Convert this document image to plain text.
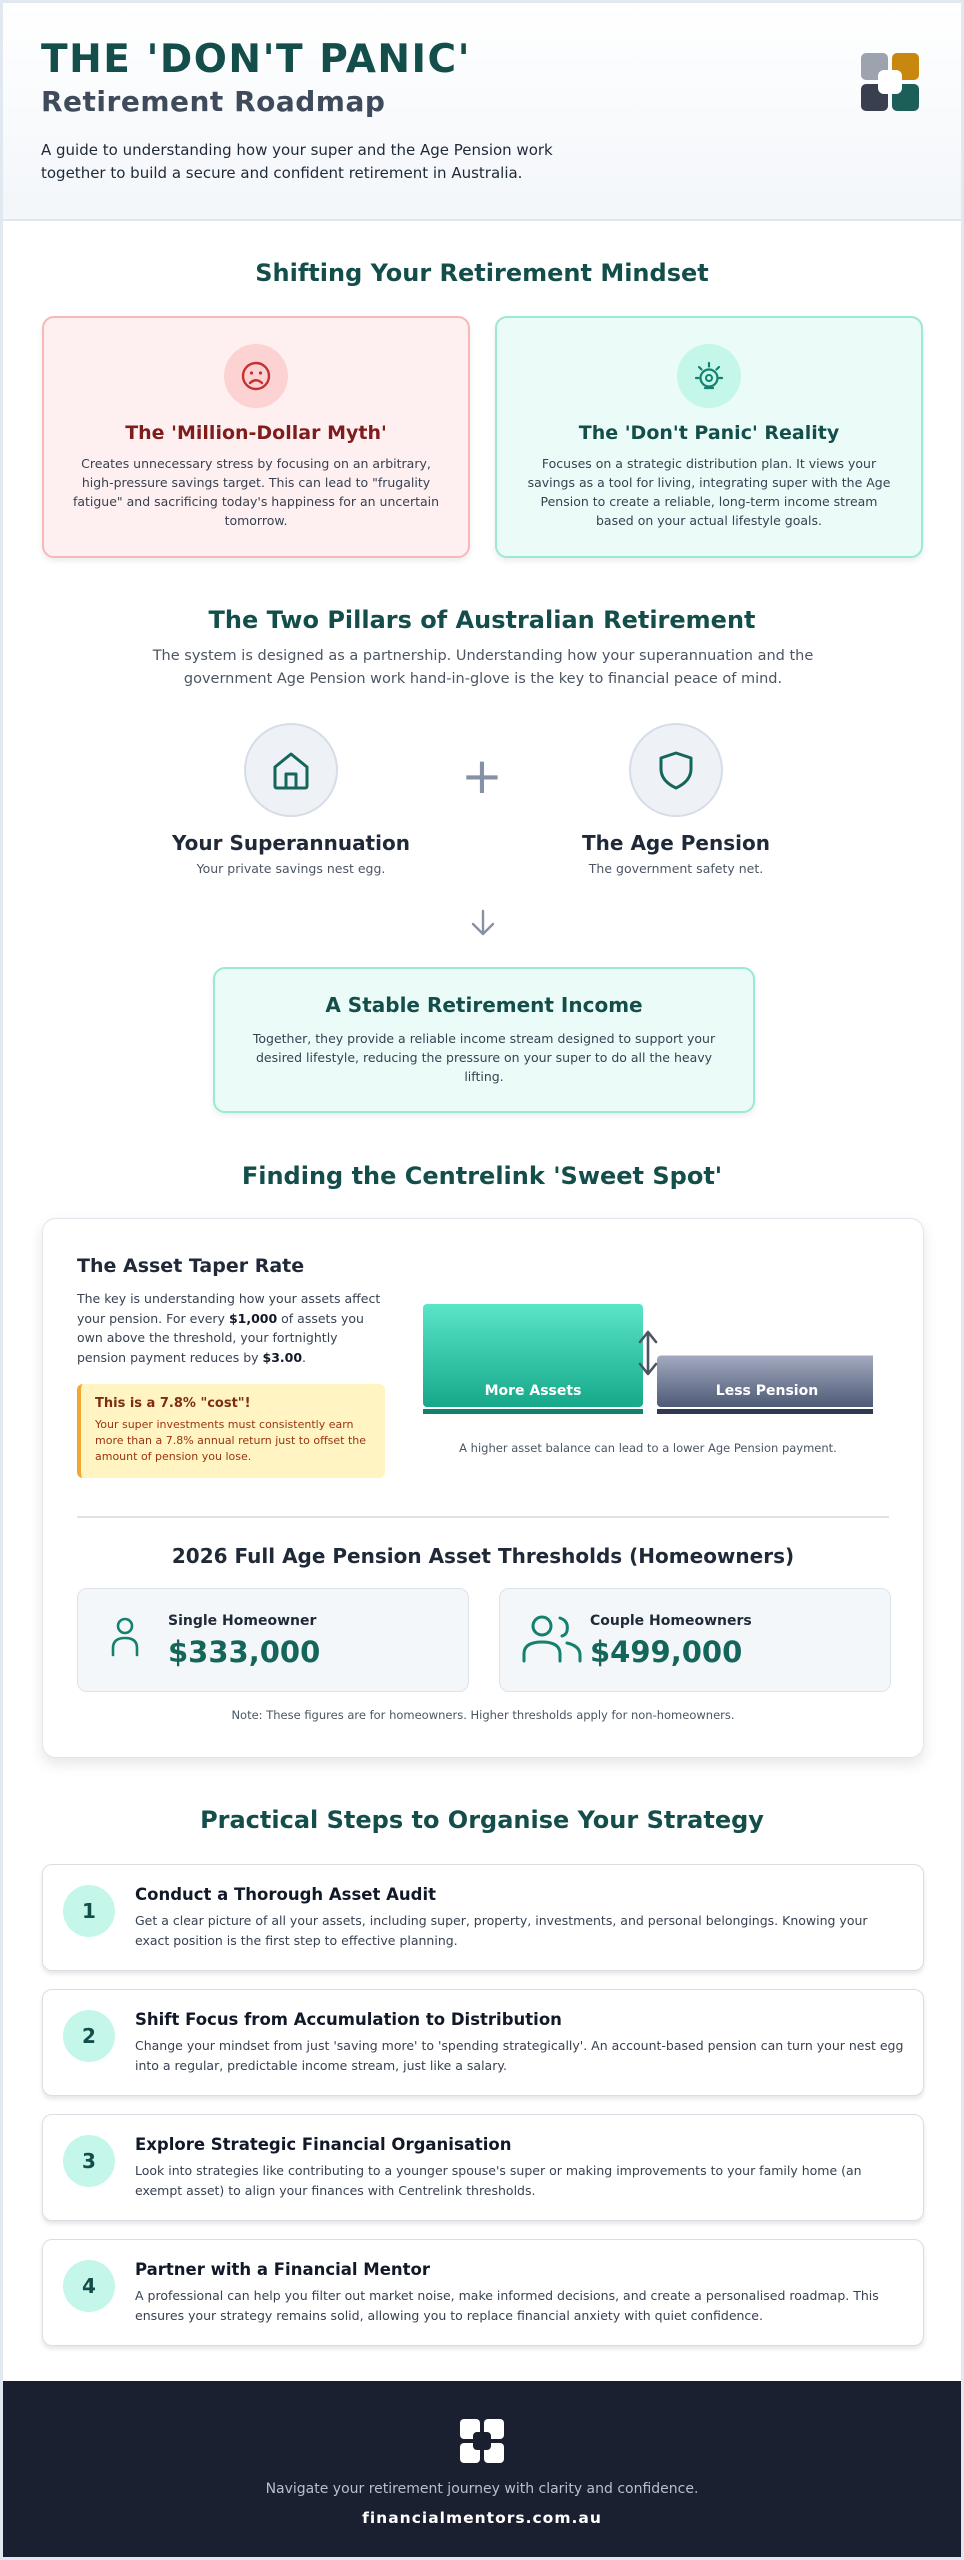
THE 'DON'T PANIC'
Retirement Roadmap
A guide to understanding how your super and the Age Pension work together to build a secure and confident retirement in Australia.
Shifting Your Retirement Mindset
The 'Million-Dollar Myth'
Creates unnecessary stress by focusing on an arbitrary, high-pressure savings target. This can lead to "frugality fatigue" and sacrificing today's happiness for an uncertain tomorrow.
The 'Don't Panic' Reality
Focuses on a strategic distribution plan. It views your savings as a tool for living, integrating super with the Age Pension to create a reliable, long-term income stream based on your actual lifestyle goals.
The Two Pillars of Australian Retirement
The system is designed as a partnership. Understanding how your superannuation and the government Age Pension work hand-in-glove is the key to financial peace of mind.
Your Superannuation
Your private savings nest egg.
+
The Age Pension
The government safety net.
A Stable Retirement Income
Together, they provide a reliable income stream designed to support your desired lifestyle, reducing the pressure on your super to do all the heavy lifting.
Finding the Centrelink 'Sweet Spot'
The Asset Taper Rate
The key is understanding how your assets affect your pension. For every $1,000 of assets you own above the threshold, your fortnightly pension payment reduces by $3.00.
This is a 7.8% "cost"!
Your super investments must consistently earn more than a 7.8% annual return just to offset the amount of pension you lose.
More Assets	Less Pension
A higher asset balance can lead to a lower Age Pension payment.
2026 Full Age Pension Asset Thresholds (Homeowners)
Single Homeowner
$333,000
Couple Homeowners
$499,000
Note: These figures are for homeowners. Higher thresholds apply for non-homeowners.
Practical Steps to Organise Your Strategy
1
Conduct a Thorough Asset Audit
Get a clear picture of all your assets, including super, property, investments, and personal belongings. Knowing your exact position is the first step to effective planning.
2
Shift Focus from Accumulation to Distribution
Change your mindset from just 'saving more' to 'spending strategically'. An account-based pension can turn your nest egg into a regular, predictable income stream, just like a salary.
3
Explore Strategic Financial Organisation
Look into strategies like contributing to a younger spouse's super or making improvements to your family home (an exempt asset) to align your finances with Centrelink thresholds.
4
Partner with a Financial Mentor
A professional can help you filter out market noise, make informed decisions, and create a personalised roadmap. This ensures your strategy remains solid, allowing you to replace financial anxiety with quiet confidence.
Navigate your retirement journey with clarity and confidence.
financialmentors.com.au
